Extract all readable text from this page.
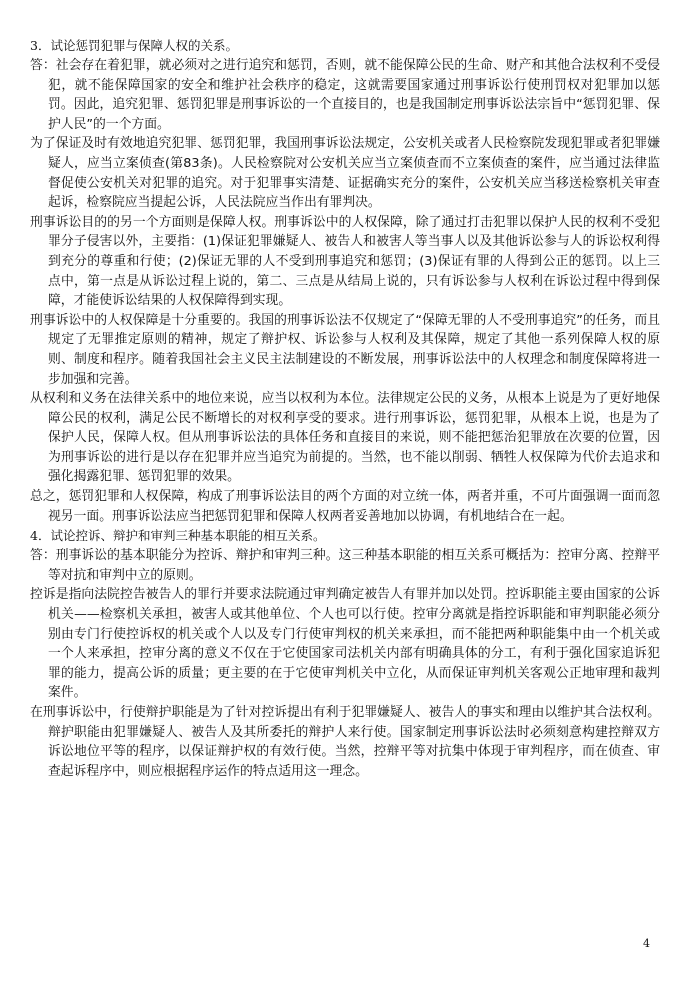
3．试论惩罚犯罪与保障人权的关系。

答：社会存在着犯罪，就必须对之进行追究和惩罚，否则，就不能保障公民的生命、财产和其他合法权利不受侵犯，就不能保障国家的安全和维护社会秩序的稳定，这就需要国家通过刑事诉讼行使刑罚权对犯罪加以惩罚。因此，追究犯罪、惩罚犯罪是刑事诉讼的一个直接目的，也是我国制定刑事诉讼法宗旨中“惩罚犯罪、保护人民”的一个方面。

为了保证及时有效地追究犯罪、惩罚犯罪，我国刑事诉讼法规定，公安机关或者人民检察院发现犯罪或者犯罪嫌疑人，应当立案侦查(第83条)。人民检察院对公安机关应当立案侦查而不立案侦查的案件，应当通过法律监督促使公安机关对犯罪的追究。对于犯罪事实清楚、证据确实充分的案件，公安机关应当移送检察机关审查起诉，检察院应当提起公诉，人民法院应当作出有罪判决。

刑事诉讼目的的另一个方面则是保障人权。刑事诉讼中的人权保障，除了通过打击犯罪以保护人民的权利不受犯罪分子侵害以外，主要指：(1)保证犯罪嫌疑人、被告人和被害人等当事人以及其他诉讼参与人的诉讼权利得到充分的尊重和行使；(2)保证无罪的人不受到刑事追究和惩罚；(3)保证有罪的人得到公正的惩罚。以上三点中，第一点是从诉讼过程上说的，第二、三点是从结局上说的，只有诉讼参与人权利在诉讼过程中得到保障，才能使诉讼结果的人权保障得到实现。

刑事诉讼中的人权保障是十分重要的。我国的刑事诉讼法不仅规定了“保障无罪的人不受刑事追究”的任务，而且规定了无罪推定原则的精神，规定了辩护权、诉讼参与人权利及其保障，规定了其他一系列保障人权的原则、制度和程序。随着我国社会主义民主法制建设的不断发展，刑事诉讼法中的人权理念和制度保障将进一步加强和完善。

从权利和义务在法律关系中的地位来说，应当以权利为本位。法律规定公民的义务，从根本上说是为了更好地保障公民的权利，满足公民不断增长的对权利享受的要求。进行刑事诉讼，惩罚犯罪，从根本上说，也是为了保护人民，保障人权。但从刑事诉讼法的具体任务和直接目的来说，则不能把惩治犯罪放在次要的位置，因为刑事诉讼的进行是以存在犯罪并应当追究为前提的。当然，也不能以削弱、牺牲人权保障为代价去追求和强化揭露犯罪、惩罚犯罪的效果。

总之，惩罚犯罪和人权保障，构成了刑事诉讼法目的两个方面的对立统一体，两者并重，不可片面强调一面而忽视另一面。刑事诉讼法应当把惩罚犯罪和保障人权两者妥善地加以协调，有机地结合在一起。

4．试论控诉、辩护和审判三种基本职能的相互关系。

答：刑事诉讼的基本职能分为控诉、辩护和审判三种。这三种基本职能的相互关系可概括为：控审分离、控辩平等对抗和审判中立的原则。

控诉是指向法院控告被告人的罪行并要求法院通过审判确定被告人有罪并加以处罚。控诉职能主要由国家的公诉机关——检察机关承担，被害人或其他单位、个人也可以行使。控审分离就是指控诉职能和审判职能必须分别由专门行使控诉权的机关或个人以及专门行使审判权的机关来承担，而不能把两种职能集中由一个机关或一个人来承担，控审分离的意义不仅在于它使国家司法机关内部有明确具体的分工，有利于强化国家追诉犯罪的能力，提高公诉的质量；更主要的在于它使审判机关中立化，从而保证审判机关客观公正地审理和裁判案件。

在刑事诉讼中，行使辩护职能是为了针对控诉提出有利于犯罪嫌疑人、被告人的事实和理由以维护其合法权利。辩护职能由犯罪嫌疑人、被告人及其所委托的辩护人来行使。国家制定刑事诉讼法时必须刻意构建控辩双方诉讼地位平等的程序，以保证辩护权的有效行使。当然，控辩平等对抗集中体现于审判程序，而在侦查、审查起诉程序中，则应根据程序运作的特点适用这一理念。

4
